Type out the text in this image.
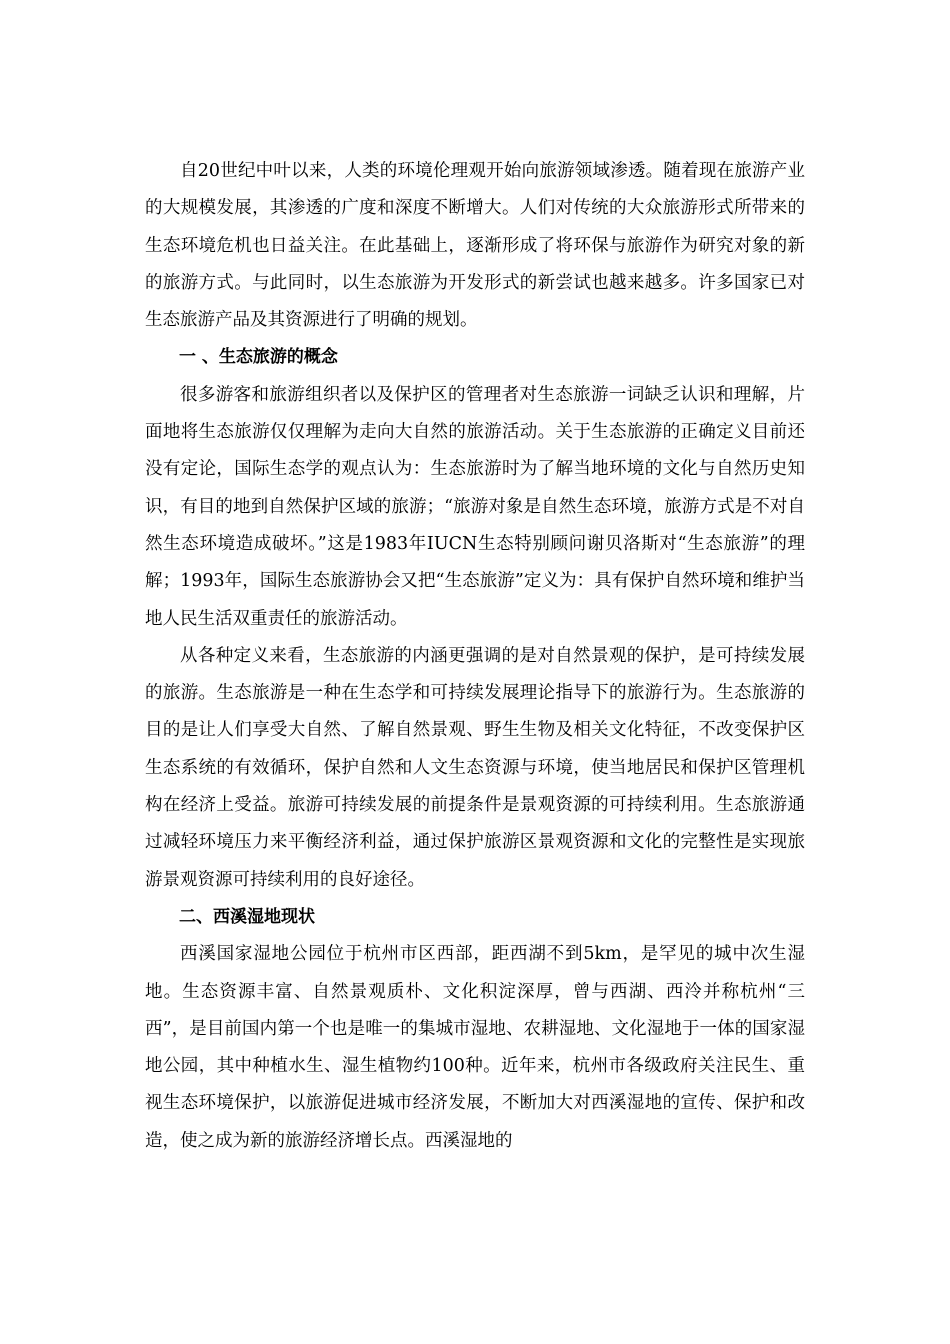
自20世纪中叶以来，人类的环境伦理观开始向旅游领域渗透。随着现在旅游产业的大规模发展，其渗透的广度和深度不断增大。人们对传统的大众旅游形式所带来的生态环境危机也日益关注。在此基础上，逐渐形成了将环保与旅游作为研究对象的新的旅游方式。与此同时，以生态旅游为开发形式的新尝试也越来越多。许多国家已对生态旅游产品及其资源进行了明确的规划。

一 、生态旅游的概念

很多游客和旅游组织者以及保护区的管理者对生态旅游一词缺乏认识和理解，片面地将生态旅游仅仅理解为走向大自然的旅游活动。关于生态旅游的正确定义目前还没有定论，国际生态学的观点认为：生态旅游时为了解当地环境的文化与自然历史知识，有目的地到自然保护区域的旅游；“旅游对象是自然生态环境，旅游方式是不对自然生态环境造成破坏。”这是1983年IUCN生态特别顾问谢贝洛斯对“生态旅游”的理解；1993年，国际生态旅游协会又把“生态旅游”定义为：具有保护自然环境和维护当地人民生活双重责任的旅游活动。

从各种定义来看，生态旅游的内涵更强调的是对自然景观的保护，是可持续发展的旅游。生态旅游是一种在生态学和可持续发展理论指导下的旅游行为。生态旅游的目的是让人们享受大自然、了解自然景观、野生生物及相关文化特征，不改变保护区生态系统的有效循环，保护自然和人文生态资源与环境，使当地居民和保护区管理机构在经济上受益。旅游可持续发展的前提条件是景观资源的可持续利用。生态旅游通过减轻环境压力来平衡经济利益，通过保护旅游区景观资源和文化的完整性是实现旅游景观资源可持续利用的良好途径。

二、西溪湿地现状

西溪国家湿地公园位于杭州市区西部，距西湖不到5km，是罕见的城中次生湿地。生态资源丰富、自然景观质朴、文化积淀深厚，曾与西湖、西泠并称杭州“三西”，是目前国内第一个也是唯一的集城市湿地、农耕湿地、文化湿地于一体的国家湿地公园，其中种植水生、湿生植物约100种。近年来，杭州市各级政府关注民生、重视生态环境保护，以旅游促进城市经济发展，不断加大对西溪湿地的宣传、保护和改造，使之成为新的旅游经济增长点。西溪湿地的
